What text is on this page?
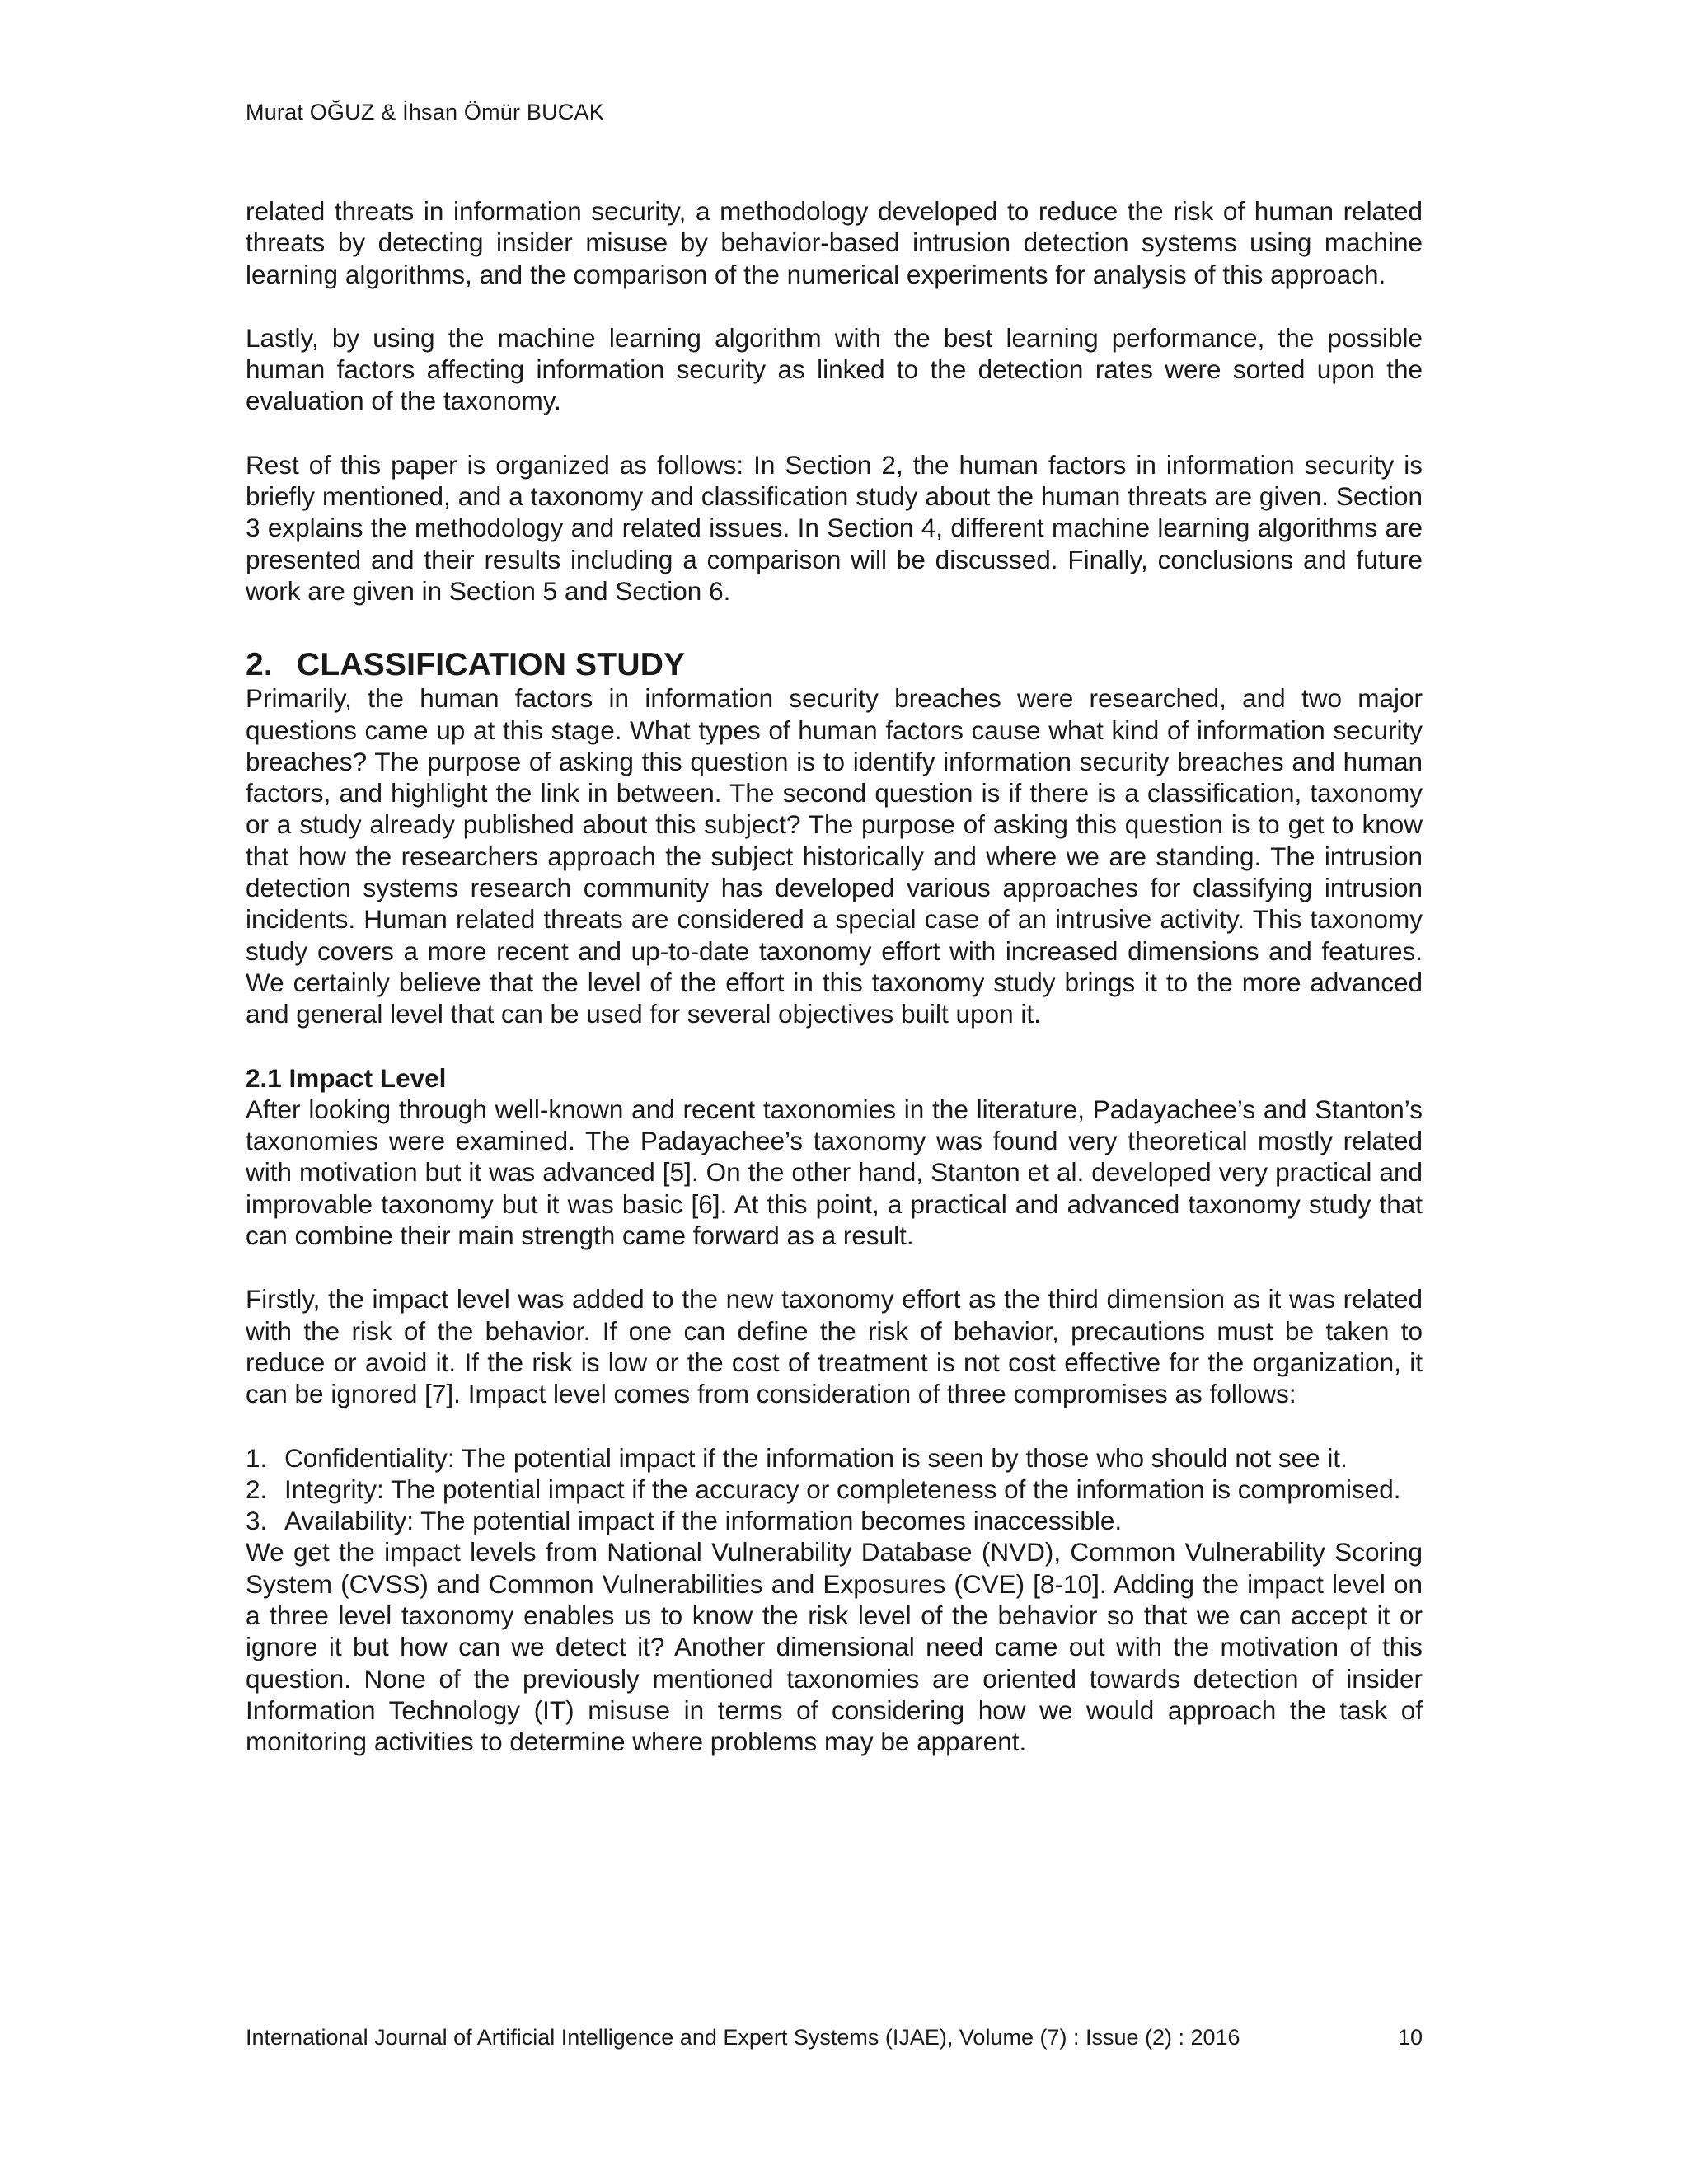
Murat OĞUZ & İhsan Ömür BUCAK

related threats in information security, a methodology developed to reduce the risk of human related threats by detecting insider misuse by behavior-based intrusion detection systems using machine learning algorithms, and the comparison of the numerical experiments for analysis of this approach.

Lastly, by using the machine learning algorithm with the best learning performance, the possible human factors affecting information security as linked to the detection rates were sorted upon the evaluation of the taxonomy.

Rest of this paper is organized as follows: In Section 2, the human factors in information security is briefly mentioned, and a taxonomy and classification study about the human threats are given. Section 3 explains the methodology and related issues. In Section 4, different machine learning algorithms are presented and their results including a comparison will be discussed. Finally, conclusions and future work are given in Section 5 and Section 6.

2. CLASSIFICATION STUDY

Primarily, the human factors in information security breaches were researched, and two major questions came up at this stage. What types of human factors cause what kind of information security breaches? The purpose of asking this question is to identify information security breaches and human factors, and highlight the link in between. The second question is if there is a classification, taxonomy or a study already published about this subject? The purpose of asking this question is to get to know that how the researchers approach the subject historically and where we are standing. The intrusion detection systems research community has developed various approaches for classifying intrusion incidents. Human related threats are considered a special case of an intrusive activity. This taxonomy study covers a more recent and up-to-date taxonomy effort with increased dimensions and features. We certainly believe that the level of the effort in this taxonomy study brings it to the more advanced and general level that can be used for several objectives built upon it.

2.1 Impact Level

After looking through well-known and recent taxonomies in the literature, Padayachee’s and Stanton’s taxonomies were examined. The Padayachee’s taxonomy was found very theoretical mostly related with motivation but it was advanced [5]. On the other hand, Stanton et al. developed very practical and improvable taxonomy but it was basic [6]. At this point, a practical and advanced taxonomy study that can combine their main strength came forward as a result.

Firstly, the impact level was added to the new taxonomy effort as the third dimension as it was related with the risk of the behavior. If one can define the risk of behavior, precautions must be taken to reduce or avoid it. If the risk is low or the cost of treatment is not cost effective for the organization, it can be ignored [7]. Impact level comes from consideration of three compromises as follows:

1. Confidentiality: The potential impact if the information is seen by those who should not see it.
2. Integrity: The potential impact if the accuracy or completeness of the information is compromised.
3. Availability: The potential impact if the information becomes inaccessible.

We get the impact levels from National Vulnerability Database (NVD), Common Vulnerability Scoring System (CVSS) and Common Vulnerabilities and Exposures (CVE) [8-10]. Adding the impact level on a three level taxonomy enables us to know the risk level of the behavior so that we can accept it or ignore it but how can we detect it? Another dimensional need came out with the motivation of this question. None of the previously mentioned taxonomies are oriented towards detection of insider Information Technology (IT) misuse in terms of considering how we would approach the task of monitoring activities to determine where problems may be apparent.

International Journal of Artificial Intelligence and Expert Systems (IJAE), Volume (7) : Issue (2) : 2016	10
